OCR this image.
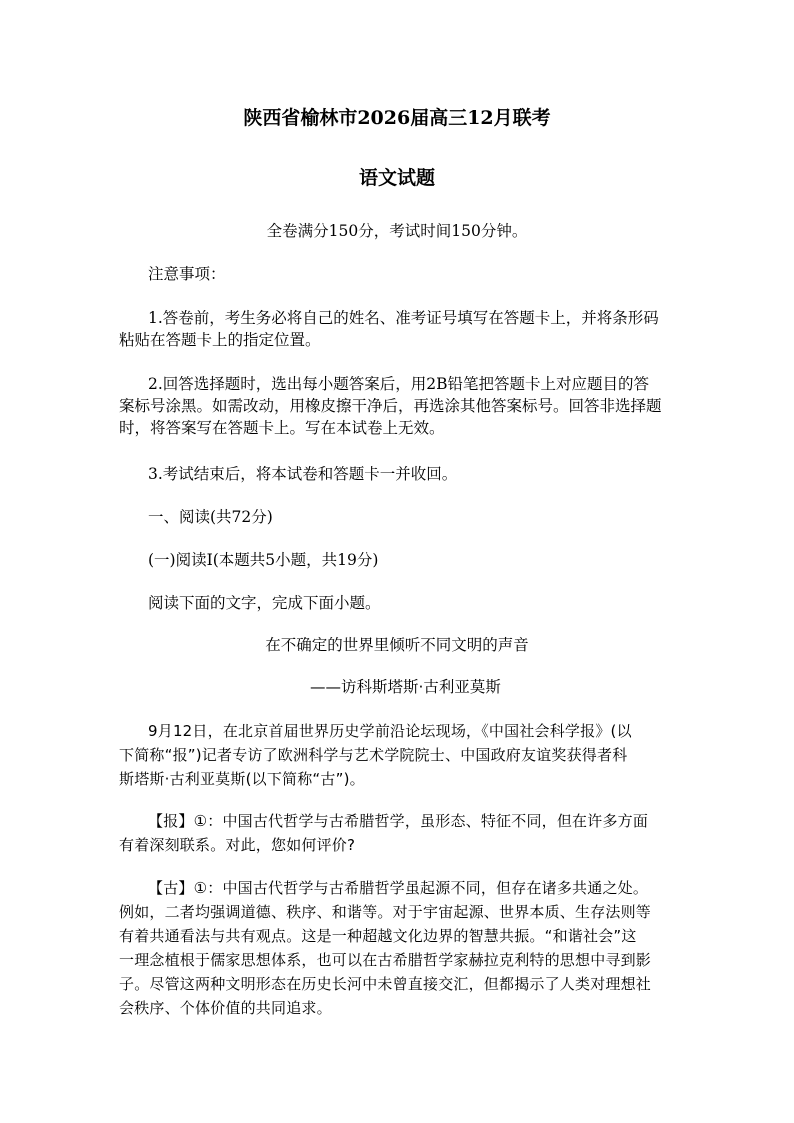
陕西省榆林市2026届高三12月联考
语文试题
全卷满分150分，考试时间150分钟。
注意事项：
1.答卷前，考生务必将自己的姓名、准考证号填写在答题卡上，并将条形码
粘贴在答题卡上的指定位置。
2.回答选择题时，选出每小题答案后，用2B铅笔把答题卡上对应题目的答
案标号涂黑。如需改动，用橡皮擦干净后，再选涂其他答案标号。回答非选择题
时，将答案写在答题卡上。写在本试卷上无效。
3.考试结束后，将本试卷和答题卡一并收回。
一、阅读(共72分)
(一)阅读Ⅰ(本题共5小题，共19分)
阅读下面的文字，完成下面小题。
在不确定的世界里倾听不同文明的声音
——访科斯塔斯·古利亚莫斯
9月12日，在北京首届世界历史学前沿论坛现场，《中国社会科学报》(以
下简称“报”)记者专访了欧洲科学与艺术学院院士、中国政府友谊奖获得者科
斯塔斯·古利亚莫斯(以下简称“古”)。
【报】①：中国古代哲学与古希腊哲学，虽形态、特征不同，但在许多方面
有着深刻联系。对此，您如何评价?
【古】①：中国古代哲学与古希腊哲学虽起源不同，但存在诸多共通之处。
例如，二者均强调道德、秩序、和谐等。对于宇宙起源、世界本质、生存法则等
有着共通看法与共有观点。这是一种超越文化边界的智慧共振。“和谐社会”这
一理念植根于儒家思想体系，也可以在古希腊哲学家赫拉克利特的思想中寻到影
子。尽管这两种文明形态在历史长河中未曾直接交汇，但都揭示了人类对理想社
会秩序、个体价值的共同追求。
